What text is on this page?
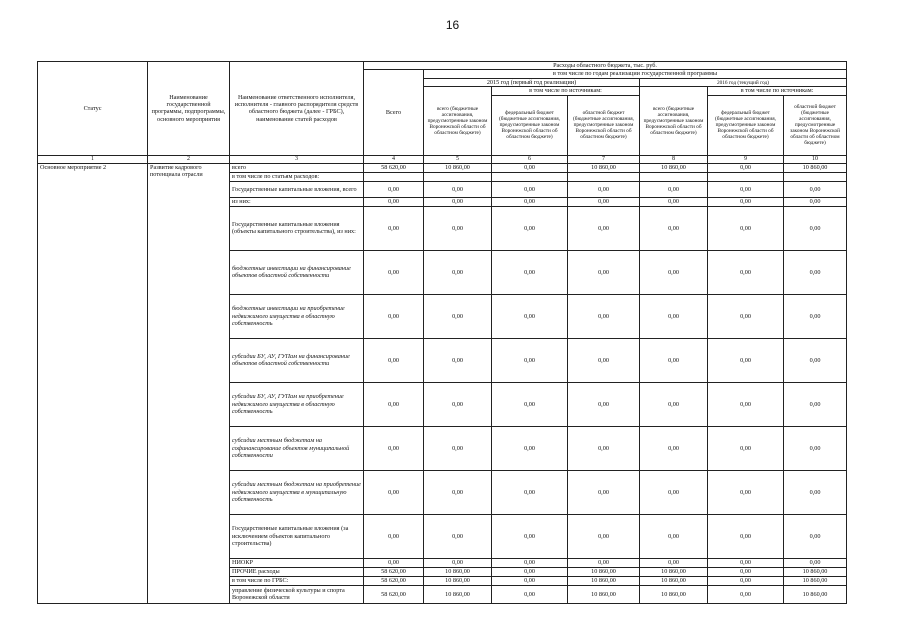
16
Статус	Наименование государственной программы, подпрограммы, основного мероприятия	Наименование ответственного исполнителя, исполнителя - главного распорядителя средств областного бюджета (далее - ГРБС), наименование статей расходов	Расходы областного бюджета, тыс. руб.						
			Всего	в том числе по годам реализации государственной программы					
				2015 год (первый год реализации)			2016 год (текущий год)		
				всего (бюджетные ассигнования, предусмотренные законом Воронежской области об областном бюджете)	в том числе по источникам:		всего (бюджетные ассигнования, предусмотренные законом Воронежской области об областном бюджете)	в том числе по источникам:	
					федеральный бюджет (бюджетные ассигнования, предусмотренные законом Воронежской области об областном бюджете)	областной бюджет (бюджетные ассигнования, предусмотренные законом Воронежской области об областном бюджете)		федеральный бюджет (бюджетные ассигнования, предусмотренные законом Воронежской области об областном бюджете)	областной бюджет (бюджетные ассигнования, предусмотренные законом Воронежской области об областном бюджете)
1	2	3	4	5	6	7	8	9	10
Основное мероприятие 2	Развитие кадрового потенциала отрасли	всего	58 620,00	10 860,00	0,00	10 860,00	10 860,00	0,00	10 860,00
		в том числе по статьям расходов:							
		Государственные капитальные вложения, всего	0,00	0,00	0,00	0,00	0,00	0,00	0,00
		из них:	0,00	0,00	0,00	0,00	0,00	0,00	0,00
		Государственные капитальные вложения (объекты капитального строительства), из них:	0,00	0,00	0,00	0,00	0,00	0,00	0,00
		бюджетные инвестиции на финансирование объектов областной собственности	0,00	0,00	0,00	0,00	0,00	0,00	0,00
		бюджетные инвестиции на приобретение недвижимого имущества в областную собственность	0,00	0,00	0,00	0,00	0,00	0,00	0,00
		субсидии БУ, АУ, ГУПам на финансирование объектов областной собственности	0,00	0,00	0,00	0,00	0,00	0,00	0,00
		субсидии БУ, АУ, ГУПам на приобретение недвижимого имущества в областную собственность	0,00	0,00	0,00	0,00	0,00	0,00	0,00
		субсидии местным бюджетам на софинансирование объектов муниципальной собственности	0,00	0,00	0,00	0,00	0,00	0,00	0,00
		субсидии местным бюджетам на приобретение недвижимого имущества в муниципальную собственность	0,00	0,00	0,00	0,00	0,00	0,00	0,00
		Государственные капитальные вложения (за исключением объектов капитального строительства)	0,00	0,00	0,00	0,00	0,00	0,00	0,00
		НИОКР	0,00	0,00	0,00	0,00	0,00	0,00	0,00
		ПРОЧИЕ расходы	58 620,00	10 860,00	0,00	10 860,00	10 860,00	0,00	10 860,00
		в том числе по ГРБС:	58 620,00	10 860,00	0,00	10 860,00	10 860,00	0,00	10 860,00
		управление физической культуры и спорта Воронежской области	58 620,00	10 860,00	0,00	10 860,00	10 860,00	0,00	10 860,00
